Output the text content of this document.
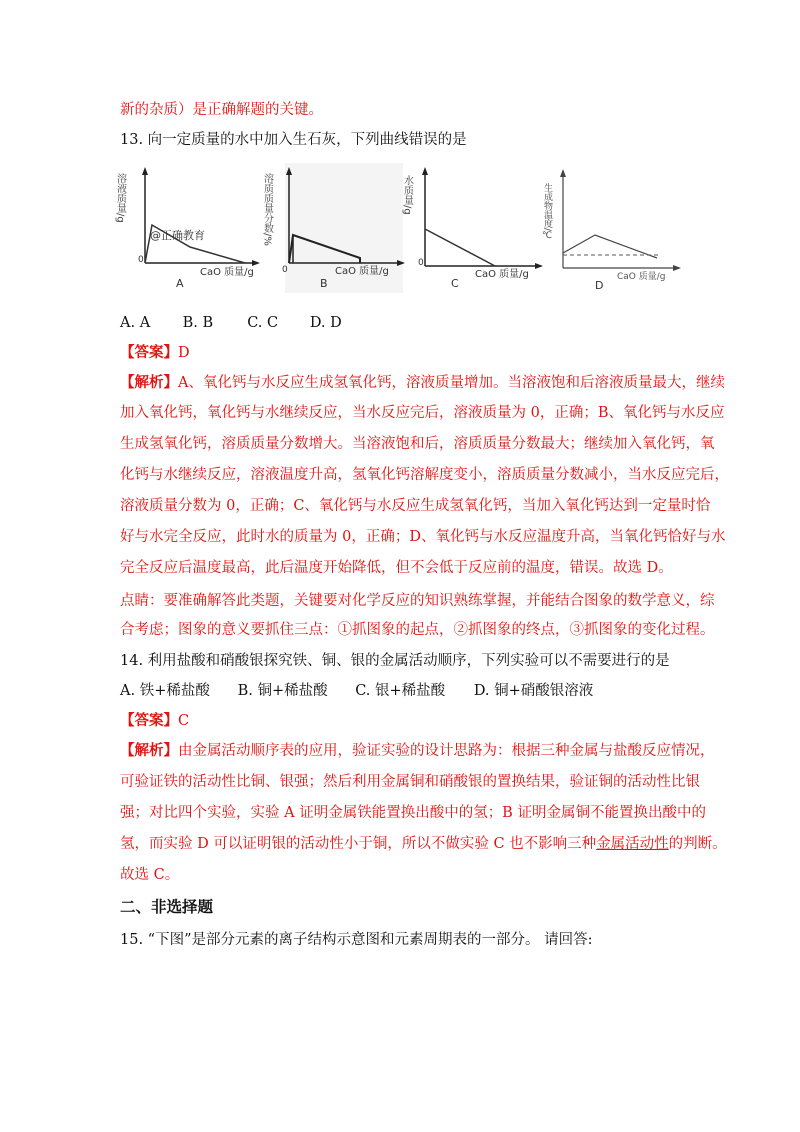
新的杂质）是正确解题的关键。
13. 向一定质量的水中加入生石灰，下列曲线错误的是
溶液质量/g
0
@正确教育
CaO 质量/g
A
溶质质量分数/%
0	CaO 质量/g
B
水质量/g
0
CaO 质量/g
C
生成物温度/℃
CaO 质量/g
D
A. A B. B C. C D. D
【答案】D
【解析】A、氧化钙与水反应生成氢氧化钙，溶液质量增加。当溶液饱和后溶液质量最大，继续
加入氧化钙，氧化钙与水继续反应，当水反应完后，溶液质量为 0，正确；B、氧化钙与水反应
生成氢氧化钙，溶质质量分数增大。当溶液饱和后，溶质质量分数最大；继续加入氧化钙，氧
化钙与水继续反应，溶液温度升高，氢氧化钙溶解度变小，溶质质量分数减小，当水反应完后，
溶液质量分数为 0，正确；C、氧化钙与水反应生成氢氧化钙，当加入氧化钙达到一定量时恰
好与水完全反应，此时水的质量为 0，正确；D、氧化钙与水反应温度升高，当氧化钙恰好与水
完全反应后温度最高，此后温度开始降低，但不会低于反应前的温度，错误。故选 D。
点睛：要准确解答此类题，关键要对化学反应的知识熟练掌握，并能结合图象的数学意义，综
合考虑；图象的意义要抓住三点：①抓图象的起点，②抓图象的终点，③抓图象的变化过程。
14. 利用盐酸和硝酸银探究铁、铜、银的金属活动顺序，下列实验可以不需要进行的是
A. 铁+稀盐酸 B. 铜+稀盐酸 C. 银+稀盐酸 D. 铜+硝酸银溶液
【答案】C
【解析】由金属活动顺序表的应用，验证实验的设计思路为：根据三种金属与盐酸反应情况，
可验证铁的活动性比铜、银强；然后利用金属铜和硝酸银的置换结果，验证铜的活动性比银
强；对比四个实验，实验 A 证明金属铁能置换出酸中的氢；B 证明金属铜不能置换出酸中的
氢，而实验 D 可以证明银的活动性小于铜，所以不做实验 C 也不影响三种金属活动性的判断。
故选 C。
二、非选择题
15. “下图”是部分元素的离子结构示意图和元素周期表的一部分。 请回答:
